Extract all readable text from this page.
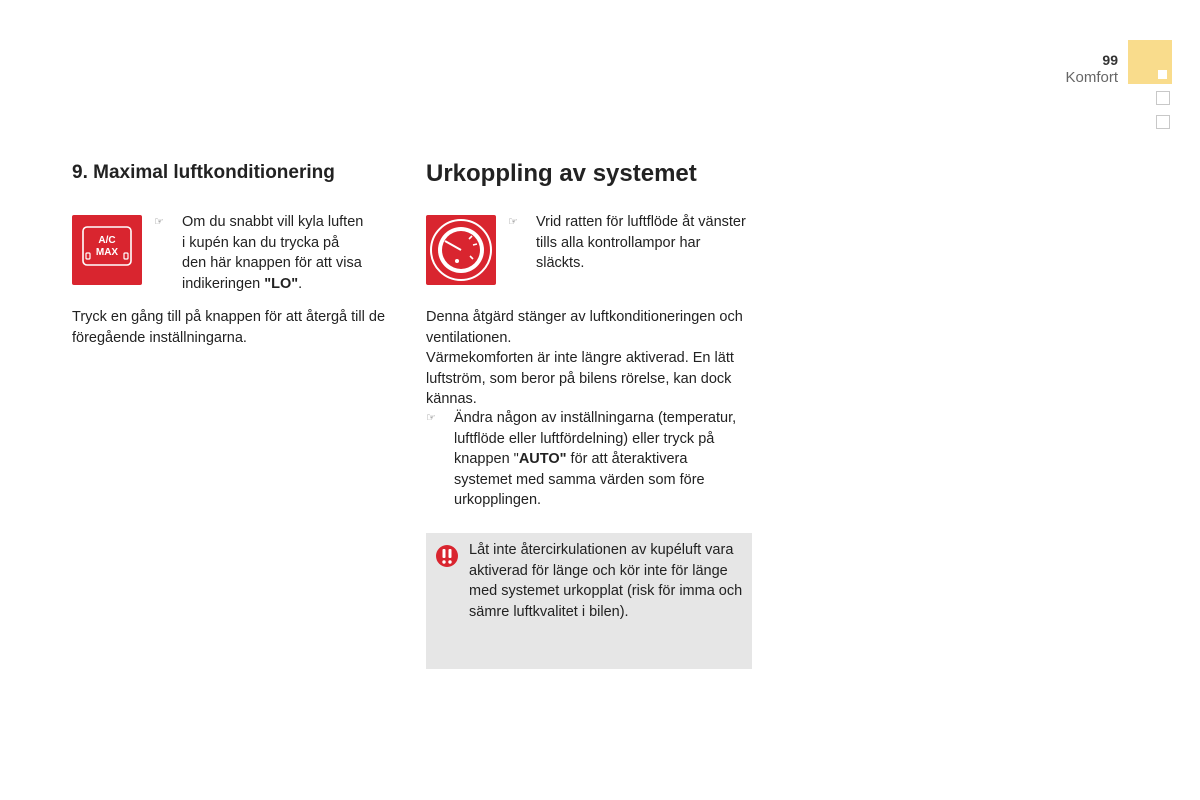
99
Komfort
9. Maximal luftkonditionering
A/C
MAX
☞	Om du snabbt vill kyla luften
i kupén kan du trycka på
den här knappen för att visa
indikeringen "LO".
Tryck en gång till på knappen för att återgå till de föregående inställningarna.
Urkoppling av systemet
☞	Vrid ratten för luftflöde åt vänster tills alla kontrollampor har släckts.
Denna åtgärd stänger av luftkonditioneringen och ventilationen.
Värmekomforten är inte längre aktiverad. En lätt luftström, som beror på bilens rörelse, kan dock kännas.
☞	Ändra någon av inställningarna (temperatur, luftflöde eller luftfördelning) eller tryck på knappen "AUTO" för att återaktivera systemet med samma värden som före urkopplingen.
Låt inte återcirkulationen av kupéluft vara aktiverad för länge och kör inte för länge med systemet urkopplat (risk för imma och sämre luftkvalitet i bilen).
